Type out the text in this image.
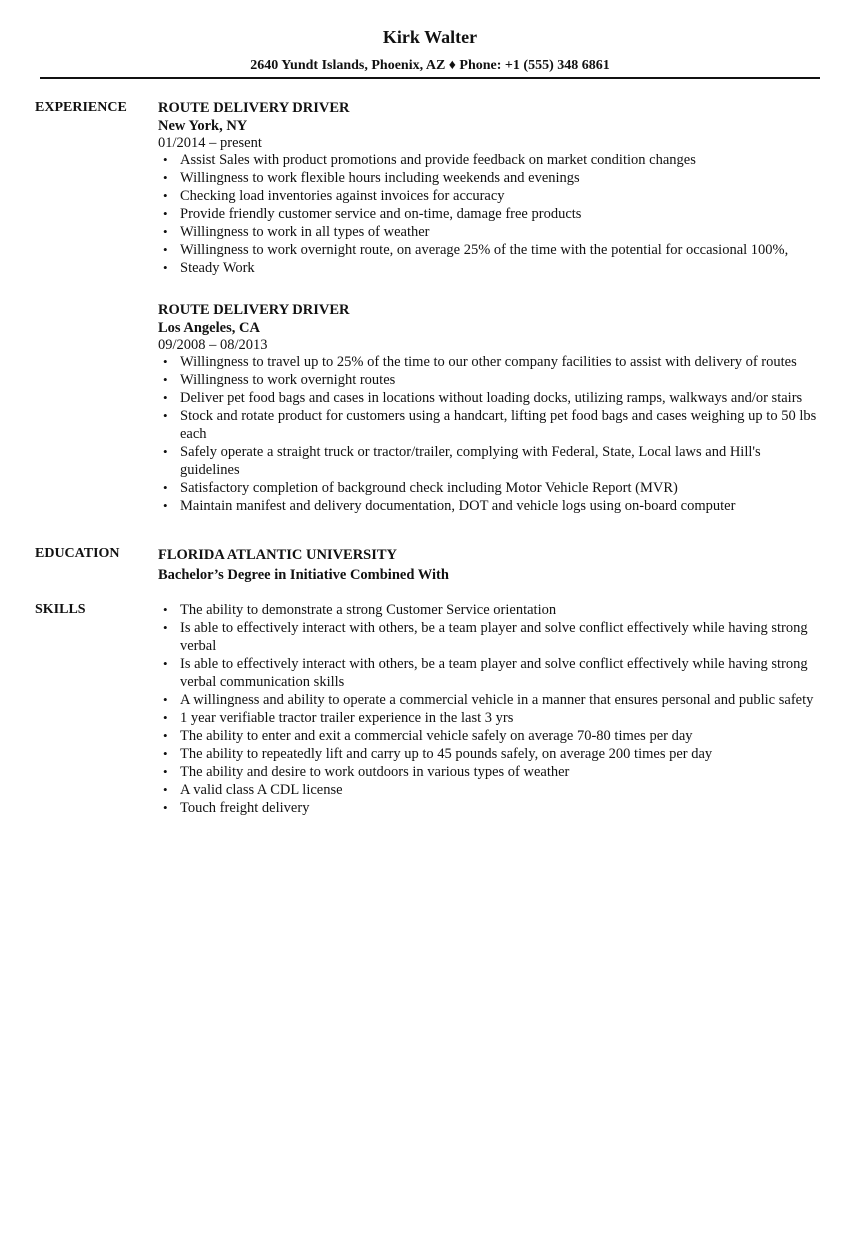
Kirk Walter
2640 Yundt Islands, Phoenix, AZ ♦ Phone: +1 (555) 348 6861
EXPERIENCE	ROUTE DELIVERY DRIVER
New York, NY
01/2014 – present
• Assist Sales with product promotions and provide feedback on market condition changes
• Willingness to work flexible hours including weekends and evenings
• Checking load inventories against invoices for accuracy
• Provide friendly customer service and on-time, damage free products
• Willingness to work in all types of weather
• Willingness to work overnight route, on average 25% of the time with the potential for occasional 100%,
• Steady Work
ROUTE DELIVERY DRIVER
Los Angeles, CA
09/2008 – 08/2013
• Willingness to travel up to 25% of the time to our other company facilities to assist with delivery of routes
• Willingness to work overnight routes
• Deliver pet food bags and cases in locations without loading docks, utilizing ramps, walkways and/or stairs
• Stock and rotate product for customers using a handcart, lifting pet food bags and cases weighing up to 50 lbs each
• Safely operate a straight truck or tractor/trailer, complying with Federal, State, Local laws and Hill's guidelines
• Satisfactory completion of background check including Motor Vehicle Report (MVR)
• Maintain manifest and delivery documentation, DOT and vehicle logs using on-board computer
EDUCATION	FLORIDA ATLANTIC UNIVERSITY
Bachelor’s Degree in Initiative Combined With
SKILLS
•	The ability to demonstrate a strong Customer Service orientation
• Is able to effectively interact with others, be a team player and solve conflict effectively while having strong verbal
• Is able to effectively interact with others, be a team player and solve conflict effectively while having strong verbal communication skills
• A willingness and ability to operate a commercial vehicle in a manner that ensures personal and public safety
• 1 year verifiable tractor trailer experience in the last 3 yrs
• The ability to enter and exit a commercial vehicle safely on average 70-80 times per day
• The ability to repeatedly lift and carry up to 45 pounds safely, on average 200 times per day
• The ability and desire to work outdoors in various types of weather
• A valid class A CDL license
• Touch freight delivery
